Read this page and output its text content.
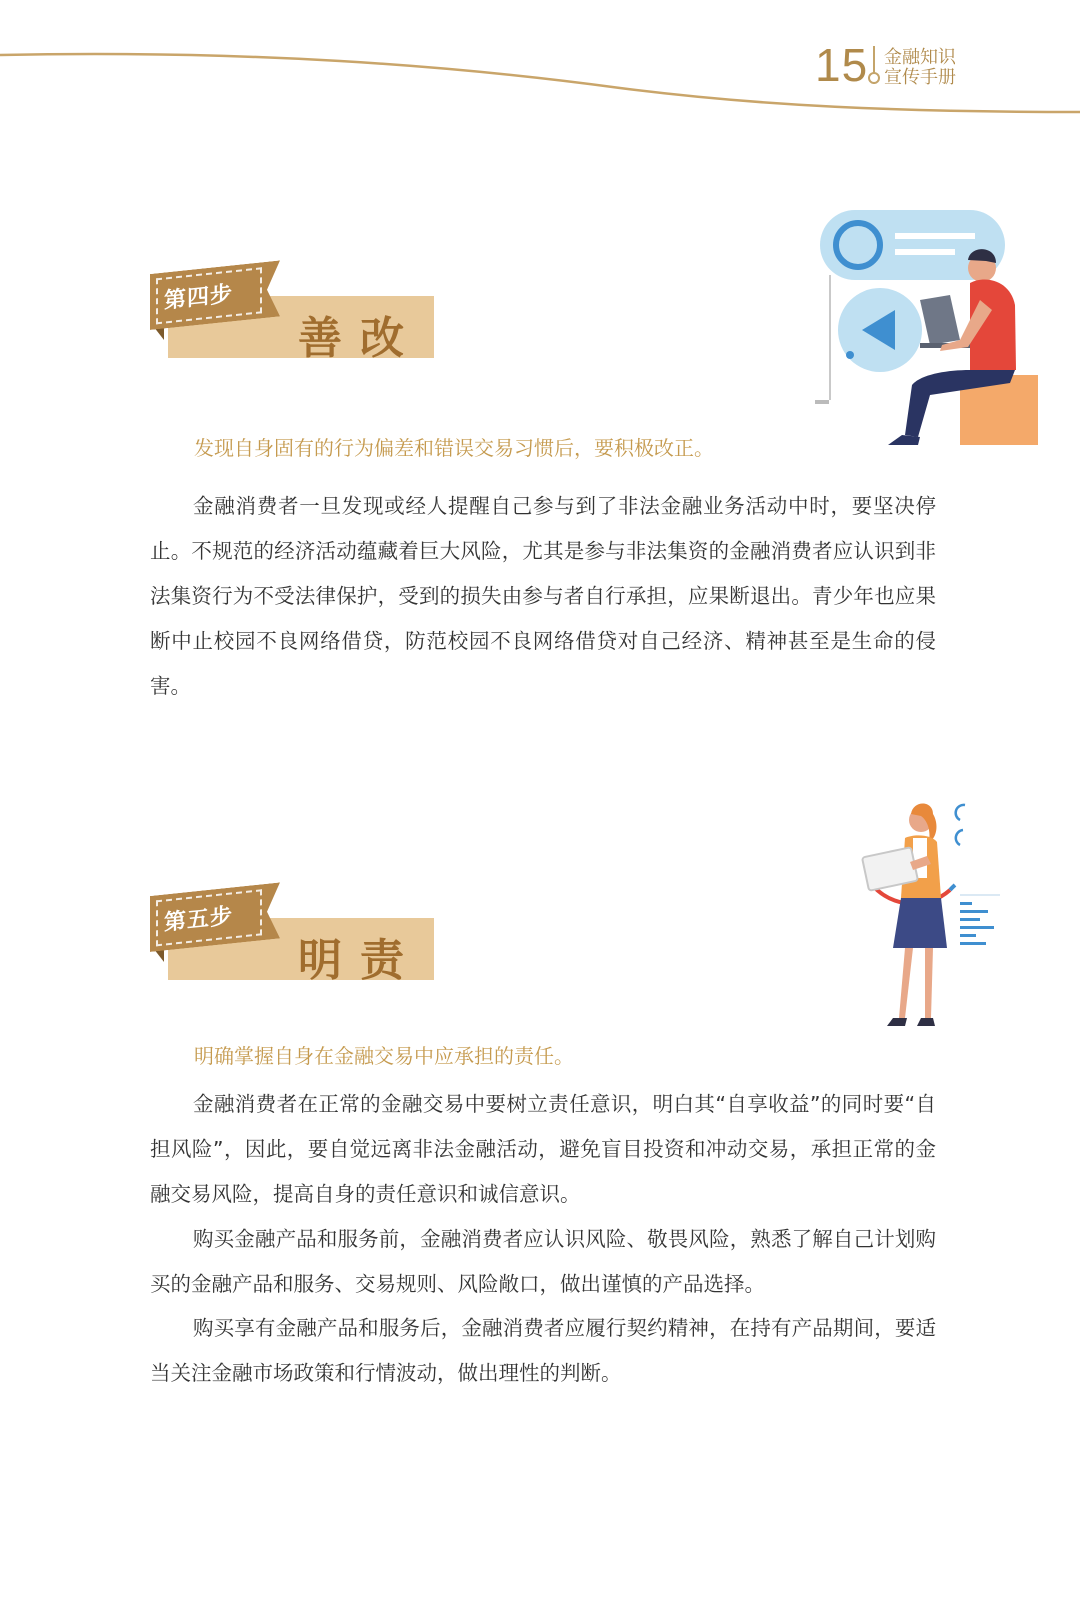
15 金融知识
宣传手册
第四步
善改
发现自身固有的行为偏差和错误交易习惯后，要积极改正。

金融消费者一旦发现或经人提醒自己参与到了非法金融业务活动中时，要坚决停止。不规范的经济活动蕴藏着巨大风险，尤其是参与非法集资的金融消费者应认识到非法集资行为不受法律保护，受到的损失由参与者自行承担，应果断退出。青少年也应果断中止校园不良网络借贷，防范校园不良网络借贷对自己经济、精神甚至是生命的侵害。

第五步
明责
明确掌握自身在金融交易中应承担的责任。

金融消费者在正常的金融交易中要树立责任意识，明白其“自享收益”的同时要“自担风险”，因此，要自觉远离非法金融活动，避免盲目投资和冲动交易，承担正常的金融交易风险，提高自身的责任意识和诚信意识。

购买金融产品和服务前，金融消费者应认识风险、敬畏风险，熟悉了解自己计划购买的金融产品和服务、交易规则、风险敞口，做出谨慎的产品选择。

购买享有金融产品和服务后，金融消费者应履行契约精神，在持有产品期间，要适当关注金融市场政策和行情波动，做出理性的判断。
